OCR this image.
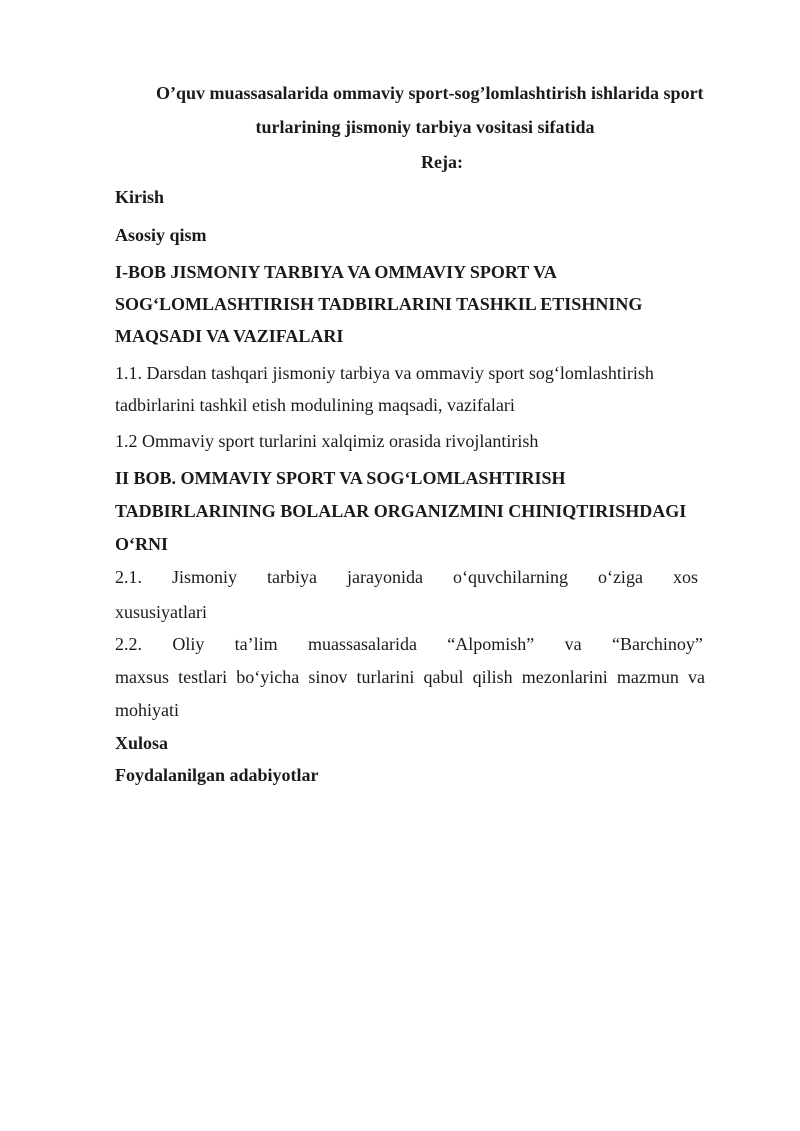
O’quv muassasalarida ommaviy sport-sog’lomlashtirish ishlarida sport
turlarining jismoniy tarbiya vositasi sifatida
Reja:
Kirish
Asosiy qism
I-BOB JISMONIY TARBIYA VA OMMAVIY SPORT VA
SOG‘LOMLASHTIRISH TADBIRLARINI TASHKIL ETISHNING
MAQSADI VA VAZIFALARI
1.1. Darsdan tashqari jismoniy tarbiya va ommaviy sport sog‘lomlashtirish
tadbirlarini tashkil etish modulining maqsadi, vazifalari
1.2 Ommaviy sport turlarini xalqimiz orasida rivojlantirish
II BOB. OMMAVIY SPORT VA SOG‘LOMLASHTIRISH
TADBIRLARINING BOLALAR ORGANIZMINI CHINIQTIRISHDAGI
O‘RNI
2.1. Jismoniy tarbiya jarayonida o‘quvchilarning o‘ziga xos
xususiyatlari
2.2. Oliy ta’lim muassasalarida “Alpomish” va “Barchinoy”
maxsus testlari bo‘yicha sinov turlarini qabul qilish mezonlarini mazmun va
mohiyati
Xulosa
Foydalanilgan adabiyotlar
